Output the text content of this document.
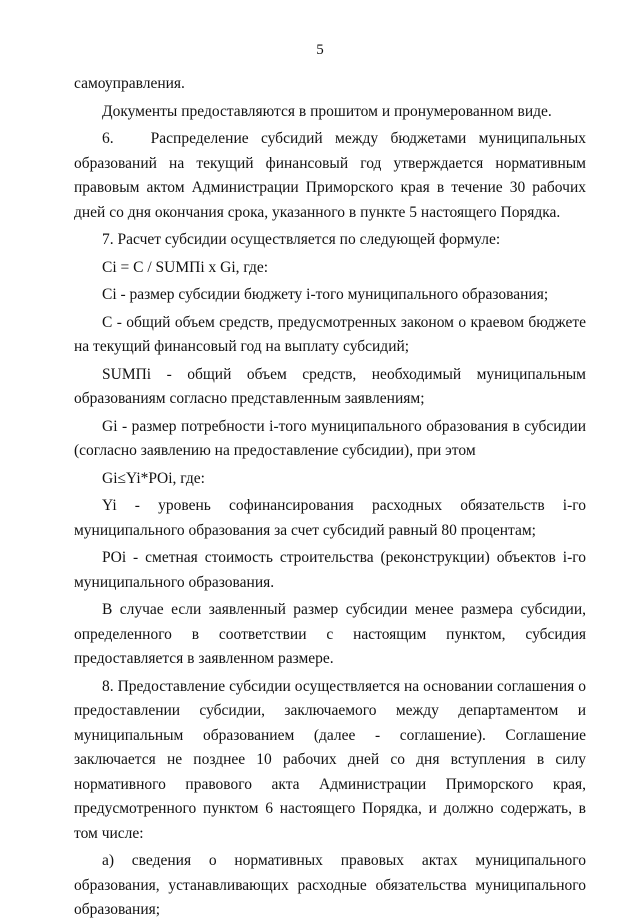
5

самоуправления.

Документы предоставляются в прошитом и пронумерованном виде.

6.   Распределение субсидий между бюджетами муниципальных образований на текущий финансовый год утверждается нормативным правовым актом Администрации Приморского края в течение 30 рабочих дней со дня окончания срока, указанного в пункте 5 настоящего Порядка.

7. Расчет субсидии осуществляется по следующей формуле:

Ci = C / SUMПi x Gi, где:

Ci - размер субсидии бюджету i-того муниципального образования;

C - общий объем средств, предусмотренных законом о краевом бюджете на текущий финансовый год на выплату субсидий;

SUMПi - общий объем средств, необходимый муниципальным образованиям согласно представленным заявлениям;

Gi - размер потребности i-того муниципального образования в субсидии (согласно заявлению на предоставление субсидии), при этом

Gi≤Yi*POi, где:

Yi - уровень софинансирования расходных обязательств i-го муниципального образования за счет субсидий равный 80 процентам;

POi - сметная стоимость строительства (реконструкции) объектов i-го муниципального образования.

В случае если заявленный размер субсидии менее размера субсидии, определенного в соответствии с настоящим пунктом, субсидия предоставляется в заявленном размере.

8. Предоставление субсидии осуществляется на основании соглашения о предоставлении субсидии, заключаемого между департаментом и муниципальным образованием (далее - соглашение). Соглашение заключается не позднее 10 рабочих дней со дня вступления в силу нормативного правового акта Администрации Приморского края, предусмотренного пунктом 6 настоящего Порядка, и должно содержать, в том числе:

а) сведения о нормативных правовых актах муниципального образования, устанавливающих расходные обязательства муниципального образования;
